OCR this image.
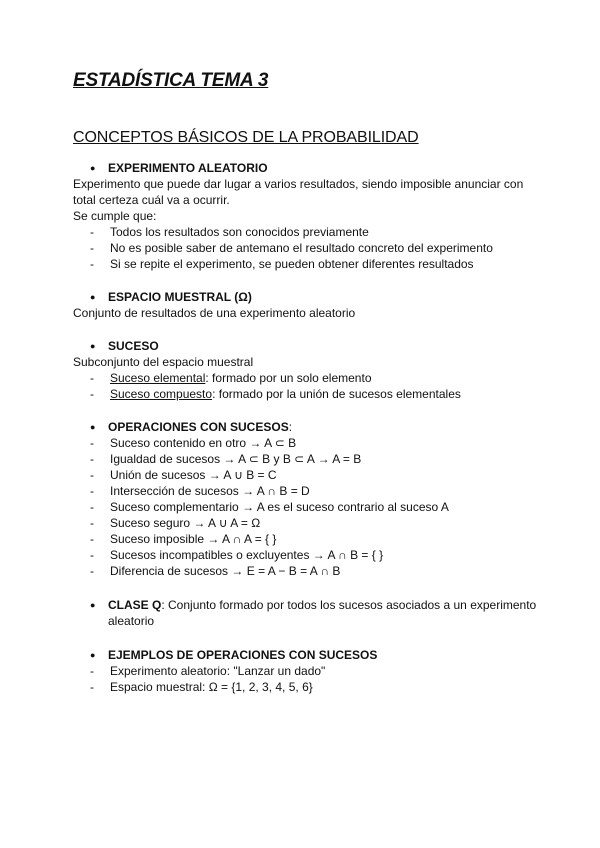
ESTADÍSTICA TEMA 3
CONCEPTOS BÁSICOS DE LA PROBABILIDAD
● EXPERIMENTO ALEATORIO
Experimento que puede dar lugar a varios resultados, siendo imposible anunciar con total certeza cuál va a ocurrir.
Se cumple que:
- Todos los resultados son conocidos previamente
- No es posible saber de antemano el resultado concreto del experimento
- Si se repite el experimento, se pueden obtener diferentes resultados
● ESPACIO MUESTRAL (Ω)
Conjunto de resultados de una experimento aleatorio
● SUCESO
Subconjunto del espacio muestral
- Suceso elemental: formado por un solo elemento
- Suceso compuesto: formado por la unión de sucesos elementales
● OPERACIONES CON SUCESOS:
- Suceso contenido en otro → A ⊂ B
- Igualdad de sucesos → A ⊂ B y B ⊂ A → A = B
- Unión de sucesos → A ∪ B = C
- Intersección de sucesos → A ∩ B = D
- Suceso complementario → A es el suceso contrario al suceso A
- Suceso seguro → A ∪ A = Ω
- Suceso imposible → A ∩ A = { }
- Sucesos incompatibles o excluyentes → A ∩ B = { }
- Diferencia de sucesos → E = A − B = A ∩ B
● CLASE Q: Conjunto formado por todos los sucesos asociados a un experimento aleatorio
● EJEMPLOS DE OPERACIONES CON SUCESOS
- Experimento aleatorio: "Lanzar un dado"
- Espacio muestral: Ω = {1, 2, 3, 4, 5, 6}
